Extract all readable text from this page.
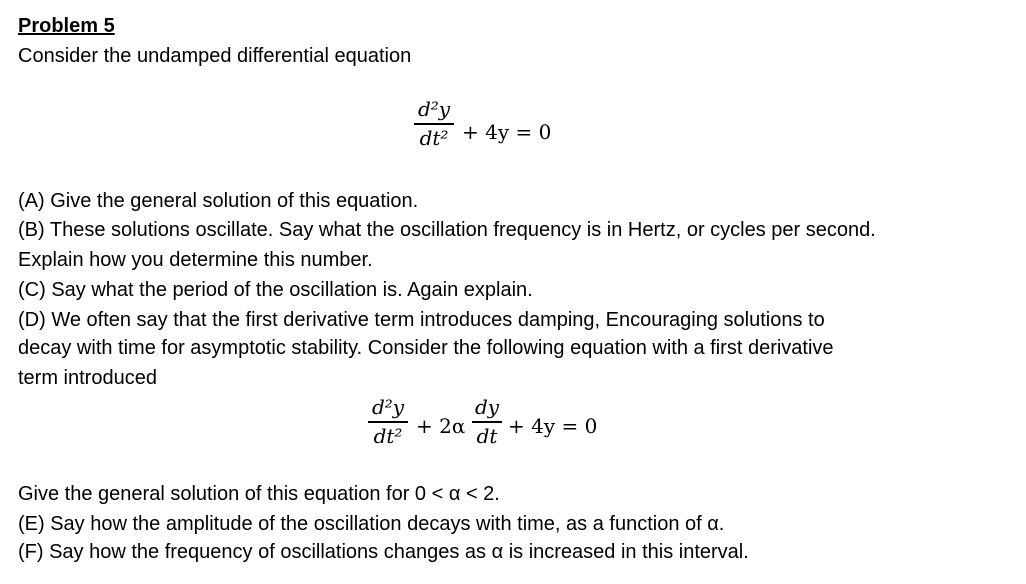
Problem 5
Consider the undamped differential equation
d²y
dt² + 4y = 0
(A) Give the general solution of this equation.
(B) These solutions oscillate. Say what the oscillation frequency is in Hertz, or cycles per second.
Explain how you determine this number.
(C) Say what the period of the oscillation is. Again explain.
(D) We often say that the first derivative term introduces damping, Encouraging solutions to
decay with time for asymptotic stability. Consider the following equation with a first derivative
term introduced
d²y
dt² + 2α
dy
dt + 4y = 0
Give the general solution of this equation for 0 < α < 2.
(E) Say how the amplitude of the oscillation decays with time, as a function of α.
(F) Say how the frequency of oscillations changes as α is increased in this interval.
